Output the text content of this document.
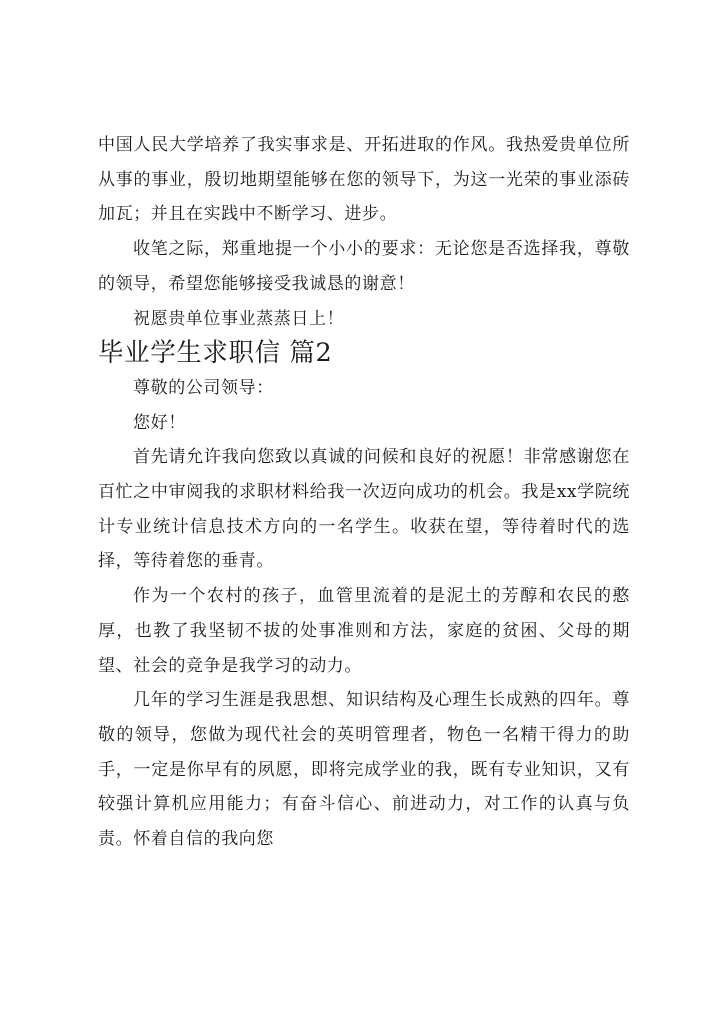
中国人民大学培养了我实事求是、开拓进取的作风。我热爱贵单位所从事的事业，殷切地期望能够在您的领导下，为这一光荣的事业添砖加瓦；并且在实践中不断学习、进步。

收笔之际，郑重地提一个小小的要求：无论您是否选择我，尊敬的领导，希望您能够接受我诚恳的谢意！

祝愿贵单位事业蒸蒸日上！

毕业学生求职信 篇2

尊敬的公司领导：

您好！

首先请允许我向您致以真诚的问候和良好的祝愿！非常感谢您在百忙之中审阅我的求职材料给我一次迈向成功的机会。我是xx学院统计专业统计信息技术方向的一名学生。收获在望，等待着时代的选择，等待着您的垂青。

作为一个农村的孩子，血管里流着的是泥土的芳醇和农民的憨厚，也教了我坚韧不拔的处事准则和方法，家庭的贫困、父母的期望、社会的竞争是我学习的动力。

几年的学习生涯是我思想、知识结构及心理生长成熟的四年。尊敬的领导，您做为现代社会的英明管理者，物色一名精干得力的助手，一定是你早有的夙愿，即将完成学业的我，既有专业知识，又有较强计算机应用能力；有奋斗信心、前进动力，对工作的认真与负责。怀着自信的我向您
